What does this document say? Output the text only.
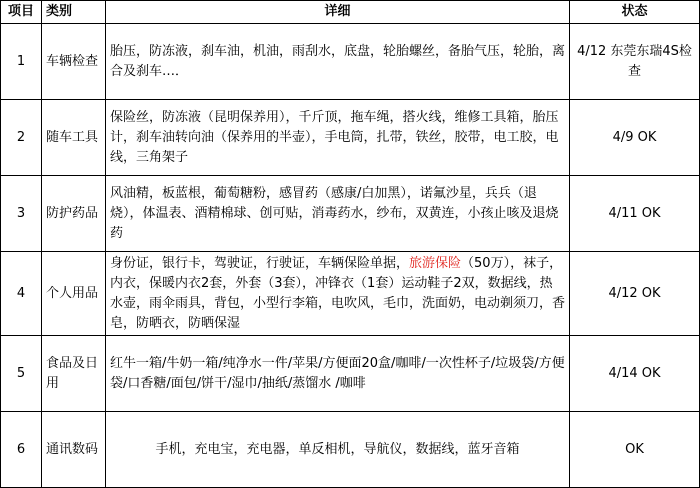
项目	类别	详细	状态
1	车辆检查	胎压，防冻液，刹车油，机油，雨刮水，底盘，轮胎螺丝，备胎气压，轮胎，离合及刹车…．	4/12 东莞东瑞4S检查
2	随车工具	保险丝，防冻液（昆明保养用），千斤顶，拖车绳，搭火线，维修工具箱，胎压计，刹车油转向油（保养用的半壶），手电筒，扎带，铁丝，胶带，电工胶，电线，三角架子	4/9 OK
3	防护药品	风油精，板蓝根，葡萄糖粉，感冒药（感康/白加黑），诺氟沙星，兵兵（退烧），体温表、酒精棉球、创可贴，消毒药水，纱布，双黄连，小孩止咳及退烧药	4/11 OK
4	个人用品	身份证，银行卡，驾驶证，行驶证，车辆保险单据，旅游保险（50万），袜子，内衣，保暖内衣2套，外套（3套），冲锋衣（1套）运动鞋子2双，数据线，热水壶，雨伞雨具，背包，小型行李箱，电吹风，毛巾，洗面奶，电动剃须刀，香皂，防晒衣，防晒保湿	4/12 OK
5	食品及日用	红牛一箱/牛奶一箱/纯净水一件/苹果/方便面20盒/咖啡/一次性杯子/垃圾袋/方便袋/口香糖/面包/饼干/湿巾/抽纸/蒸馏水 /咖啡	4/14 OK
6	通讯数码	手机，充电宝，充电器，单反相机，导航仪，数据线，蓝牙音箱	OK
